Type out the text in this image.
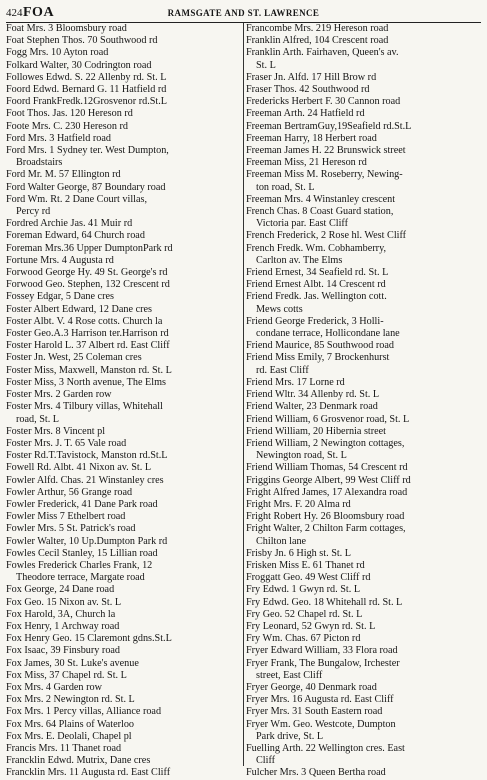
424 FOA	RAMSGATE AND ST. LAWRENCE
Foat Mrs. 3 Bloomsbury road
Foat Stephen Thos. 70 Southwood rd
Fogg Mrs. 10 Ayton road
Folkard Walter, 30 Codrington road
Followes Edwd. S. 22 Allenby rd. St. L
Foord Edwd. Bernard G. 11 Hatfield rd
Foord FrankFredk.12Grosvenor rd.St.L
Foot Thos. Jas. 120 Hereson rd
Foote Mrs. C. 230 Hereson rd
Ford Mrs. 3 Hatfield road
Ford Mrs. 1 Sydney ter. West Dumpton,
Broadstairs
Ford Mr. M. 57 Ellington rd
Ford Walter George, 87 Boundary road
Ford Wm. Rt. 2 Dane Court villas,
Percy rd
Fordred Archie Jas. 41 Muir rd
Foreman Edward, 64 Church road
Foreman Mrs.36 Upper DumptonPark rd
Fortune Mrs. 4 Augusta rd
Forwood George Hy. 49 St. George's rd
Forwood Geo. Stephen, 132 Crescent rd
Fossey Edgar, 5 Dane cres
Foster Albert Edward, 12 Dane cres
Foster Albt. V. 4 Rose cotts. Church la
Foster Geo.A.3 Harrison ter.Harrison rd
Foster Harold L. 37 Albert rd. East Cliff
Foster Jn. West, 25 Coleman cres
Foster Miss, Maxwell, Manston rd. St. L
Foster Miss, 3 North avenue, The Elms
Foster Mrs. 2 Garden row
Foster Mrs. 4 Tilbury villas, Whitehall
road, St. L
Foster Mrs. 8 Vincent pl
Foster Mrs. J. T. 65 Vale road
Foster Rd.T.Tavistock, Manston rd.St.L
Fowell Rd. Albt. 41 Nixon av. St. L
Fowler Alfd. Chas. 21 Winstanley cres
Fowler Arthur, 56 Grange road
Fowler Frederick, 41 Dane Park road
Fowler Miss 7 Ethelbert road
Fowler Mrs. 5 St. Patrick's road
Fowler Walter, 10 Up.Dumpton Park rd
Fowles Cecil Stanley, 15 Lillian road
Fowles Frederick Charles Frank, 12
Theodore terrace, Margate road
Fox George, 24 Dane road
Fox Geo. 15 Nixon av. St. L
Fox Harold, 3A, Church la
Fox Henry, 1 Archway road
Fox Henry Geo. 15 Claremont gdns.St.L
Fox Isaac, 39 Finsbury road
Fox James, 30 St. Luke's avenue
Fox Miss, 37 Chapel rd. St. L
Fox Mrs. 4 Garden row
Fox Mrs. 2 Newington rd. St. L
Fox Mrs. 1 Percy villas, Alliance road
Fox Mrs. 64 Plains of Waterloo
Fox Mrs. E. Deolali, Chapel pl
Francis Mrs. 11 Thanet road
Francklin Edwd. Mutrix, Dane cres
Francklin Mrs. 11 Augusta rd. East Cliff
Francombe Mrs. 219 Hereson road
Franklin Alfred, 104 Crescent road
Franklin Arth. Fairhaven, Queen's av.
St. L
Fraser Jn. Alfd. 17 Hill Brow rd
Fraser Thos. 42 Southwood rd
Fredericks Herbert F. 30 Cannon road
Freeman Arth. 24 Hatfield rd
Freeman BertramGuy,19Seafield rd.St.L
Freeman Harry, 18 Herbert road
Freeman James H. 22 Brunswick street
Freeman Miss, 21 Hereson rd
Freeman Miss M. Roseberry, Newing-
ton road, St. L
Freeman Mrs. 4 Winstanley crescent
French Chas. 8 Coast Guard station,
Victoria par. East Cliff
French Frederick, 2 Rose hl. West Cliff
French Fredk. Wm. Cobhamberry,
Carlton av. The Elms
Friend Ernest, 34 Seafield rd. St. L
Friend Ernest Albt. 14 Crescent rd
Friend Fredk. Jas. Wellington cott.
Mews cotts
Friend George Frederick, 3 Holli-
condane terrace, Hollicondane lane
Friend Maurice, 85 Southwood road
Friend Miss Emily, 7 Brockenhurst
rd. East Cliff
Friend Mrs. 17 Lorne rd
Friend Wltr. 34 Allenby rd. St. L
Friend Walter, 23 Denmark road
Friend William, 6 Grosvenor road, St. L
Friend William, 20 Hibernia street
Friend William, 2 Newington cottages,
Newington road, St. L
Friend William Thomas, 54 Crescent rd
Friggins George Albert, 99 West Cliff rd
Fright Alfred James, 17 Alexandra road
Fright Mrs. F. 20 Alma rd
Fright Robert Hy. 26 Bloomsbury road
Fright Walter, 2 Chilton Farm cottages,
Chilton lane
Frisby Jn. 6 High st. St. L
Frisken Miss E. 61 Thanet rd
Froggatt Geo. 49 West Cliff rd
Fry Edwd. 1 Gwyn rd. St. L
Fry Edwd. Geo. 18 Whitehall rd. St. L
Fry Geo. 52 Chapel rd. St. L
Fry Leonard, 52 Gwyn rd. St. L
Fry Wm. Chas. 67 Picton rd
Fryer Edward William, 33 Flora road
Fryer Frank, The Bungalow, Irchester
street, East Cliff
Fryer George, 40 Denmark road
Fryer Mrs. 16 Augusta rd. East Cliff
Fryer Mrs. 31 South Eastern road
Fryer Wm. Geo. Westcote, Dumpton
Park drive, St. L
Fuelling Arth. 22 Wellington cres. East
Cliff
Fulcher Mrs. 3 Queen Bertha road
